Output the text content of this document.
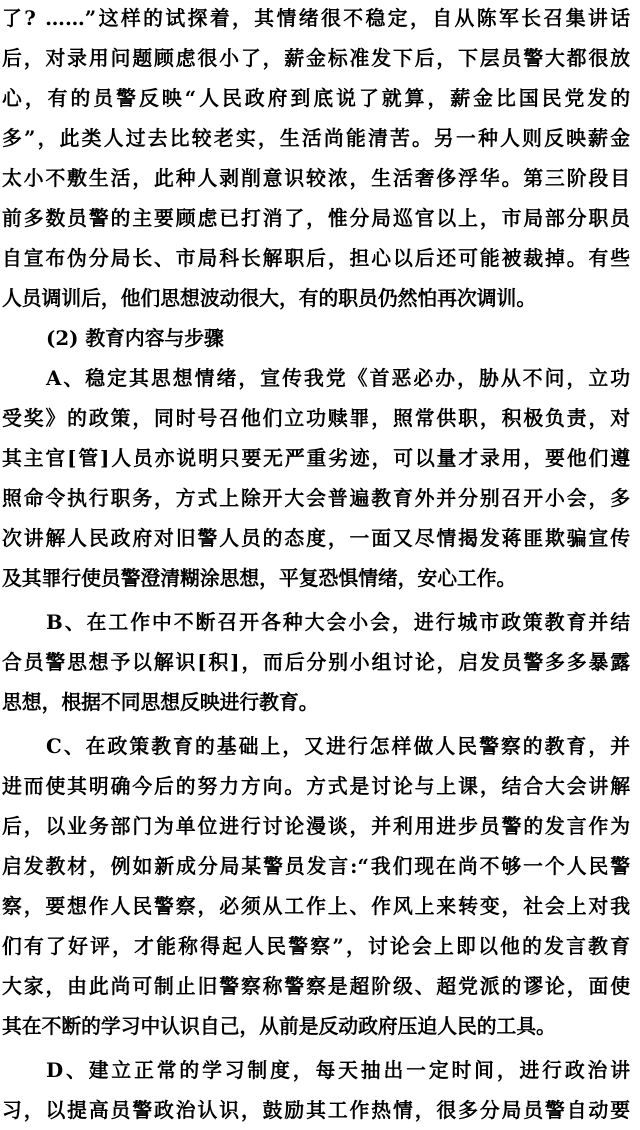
了? ……”这样的试探着，其情绪很不稳定，自从陈军长召集讲话
后，对录用问题顾虑很小了，薪金标准发下后，下层员警大都很放
心，有的员警反映“人民政府到底说了就算，薪金比国民党发的
多”，此类人过去比较老实，生活尚能清苦。另一种人则反映薪金
太小不敷生活，此种人剥削意识较浓，生活奢侈浮华。第三阶段目
前多数员警的主要顾虑已打消了，惟分局巡官以上，市局部分职员
自宣布伪分局长、市局科长解职后，担心以后还可能被裁掉。有些
人员调训后，他们思想波动很大，有的职员仍然怕再次调训。
(2) 教育内容与步骤
A、稳定其思想情绪，宣传我党《首恶必办，胁从不问，立功
受奖》的政策，同时号召他们立功赎罪，照常供职，积极负责，对
其主官[管]人员亦说明只要无严重劣迹，可以量才录用，要他们遵
照命令执行职务，方式上除开大会普遍教育外并分别召开小会，多
次讲解人民政府对旧警人员的态度，一面又尽情揭发蒋匪欺骗宣传
及其罪行使员警澄清糊涂思想，平复恐惧情绪，安心工作。
B、在工作中不断召开各种大会小会，进行城市政策教育并结
合员警思想予以解识[积]，而后分别小组讨论，启发员警多多暴露
思想，根据不同思想反映进行教育。
C、在政策教育的基础上，又进行怎样做人民警察的教育，并
进而使其明确今后的努力方向。方式是讨论与上课，结合大会讲解
后，以业务部门为单位进行讨论漫谈，并利用进步员警的发言作为
启发教材，例如新成分局某警员发言:“我们现在尚不够一个人民警
察，要想作人民警察，必须从工作上、作风上来转变，社会上对我
们有了好评，才能称得起人民警察”，讨论会上即以他的发言教育
大家，由此尚可制止旧警察称警察是超阶级、超党派的谬论，面使
其在不断的学习中认识自己，从前是反动政府压迫人民的工具。
D、建立正常的学习制度，每天抽出一定时间，进行政治讲
习，以提高员警政治认识，鼓励其工作热情，很多分局员警自动要
